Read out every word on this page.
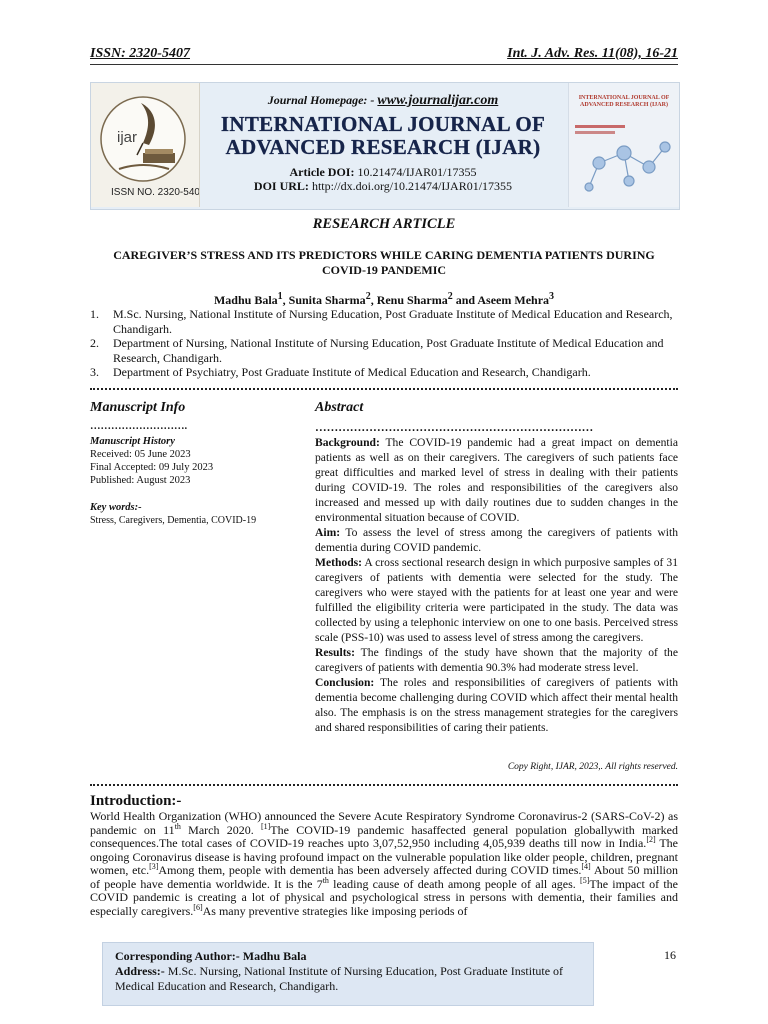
ISSN: 2320-5407	Int. J. Adv. Res. 11(08), 16-21
ISSN NO. 2320-5407
ijar
Journal Homepage: - www.journalijar.com
INTERNATIONAL JOURNAL OF
ADVANCED RESEARCH (IJAR)
Article DOI: 10.21474/IJAR01/17355
DOI URL: http://dx.doi.org/10.21474/IJAR01/17355
INTERNATIONAL JOURNAL OF ADVANCED RESEARCH (IJAR)
RESEARCH ARTICLE
CAREGIVER’S STRESS AND ITS PREDICTORS WHILE CARING DEMENTIA PATIENTS DURING
COVID-19 PANDEMIC
Madhu Bala$^1$, Sunita Sharma$^2$, Renu Sharma$^2$ and Aseem Mehra$^3$
1. M.Sc. Nursing, National Institute of Nursing Education, Post Graduate Institute of Medical Education and Research, Chandigarh.
2. Department of Nursing, National Institute of Nursing Education, Post Graduate Institute of Medical Education and Research, Chandigarh.
3. Department of Psychiatry, Post Graduate Institute of Medical Education and Research, Chandigarh.
Manuscript Info	Abstract
……………………….
Manuscript History
Received: 05 June 2023
Final Accepted: 09 July 2023
Published: August 2023
Key words:-
Stress, Caregivers, Dementia, COVID-19
………………………………………………………………

Background: The COVID-19 pandemic had a great impact on dementia patients as well as on their caregivers. The caregivers of such patients face great difficulties and marked level of stress in dealing with their patients during COVID-19. The roles and responsibilities of the caregivers also increased and messed up with daily routines due to sudden changes in the environmental situation because of COVID.

Aim: To assess the level of stress among the caregivers of patients with dementia during COVID pandemic.

Methods: A cross sectional research design in which purposive samples of 31 caregivers of patients with dementia were selected for the study. The caregivers who were stayed with the patients for at least one year and were fulfilled the eligibility criteria were participated in the study. The data was collected by using a telephonic interview on one to one basis. Perceived stress scale (PSS-10) was used to assess level of stress among the caregivers.

Results: The findings of the study have shown that the majority of the caregivers of patients with dementia 90.3% had moderate stress level.

Conclusion: The roles and responsibilities of caregivers of patients with dementia become challenging during COVID which affect their mental health also. The emphasis is on the stress management strategies for the caregivers and shared responsibilities of caring their patients.

Copy Right, IJAR, 2023,. All rights reserved.
Introduction:-
World Health Organization (WHO) announced the Severe Acute Respiratory Syndrome Coronavirus-2 (SARS-CoV-2) as pandemic on 11th March 2020. [1]The COVID-19 pandemic hasaffected general population globallywith marked consequences.The total cases of COVID-19 reaches upto 3,07,52,950 including 4,05,939 deaths till now in India.[2] The ongoing Coronavirus disease is having profound impact on the vulnerable population like older people, children, pregnant women, etc.[3]Among them, people with dementia has been adversely affected during COVID times.[4] About 50 million of people have dementia worldwide. It is the 7th leading cause of death among people of all ages. [5]The impact of the COVID pandemic is creating a lot of physical and psychological stress in persons with dementia, their families and especially caregivers.[6]As many preventive strategies like imposing periods of
Corresponding Author:- Madhu Bala
Address:- M.Sc. Nursing, National Institute of Nursing Education, Post Graduate Institute of Medical Education and Research, Chandigarh.
16
